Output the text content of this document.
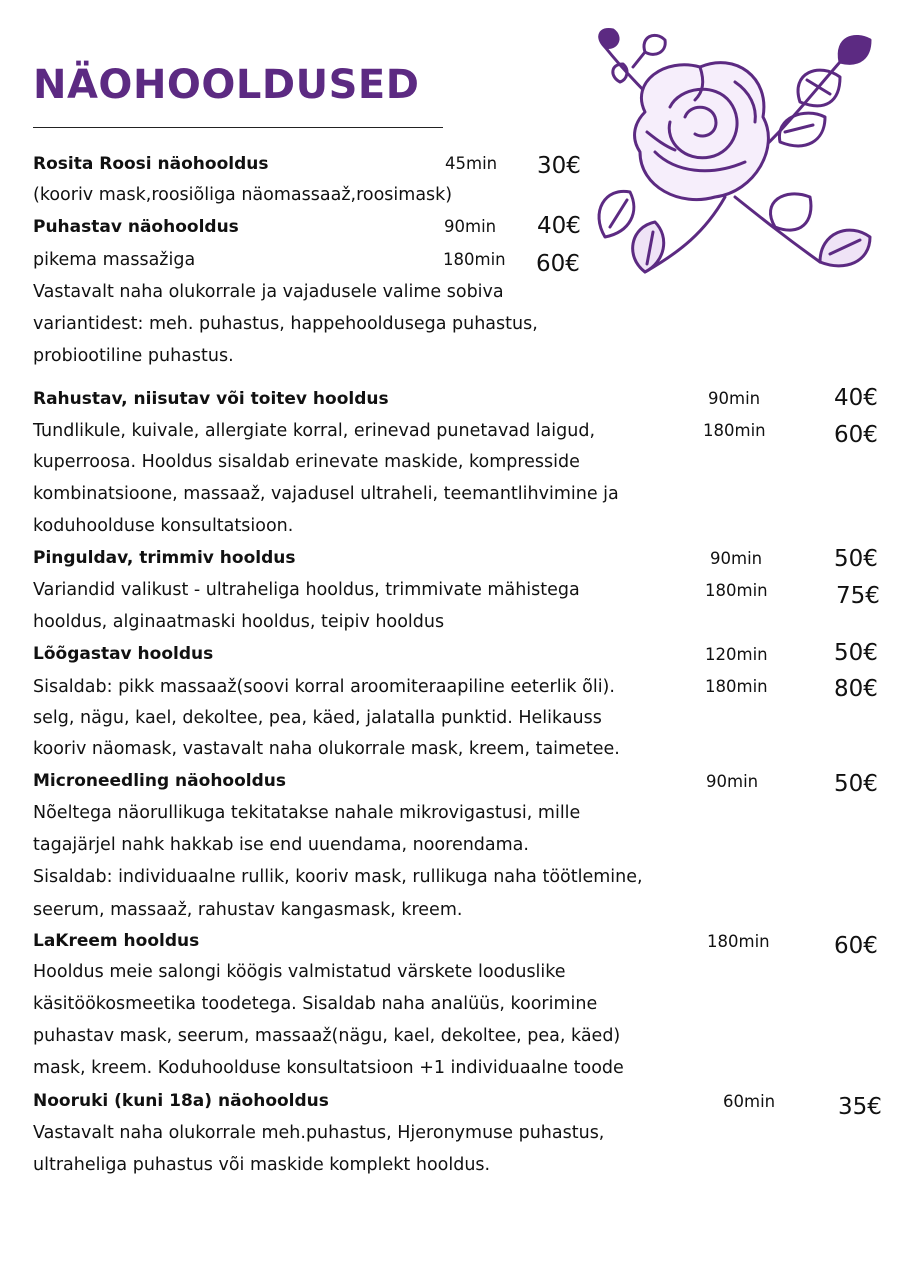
NÄOHOOLDUSED
Rosita Roosi näohooldus	45min 30€
(kooriv mask,roosiõliga näomassaaž,roosimask)
Puhastav näohooldus	90min 40€
pikema massažiga	180min 60€
Vastavalt naha olukorrale ja vajadusele valime sobiva
variantidest: meh. puhastus, happehooldusega puhastus,
probiootiline puhastus.
Rahustav, niisutav või toitev hooldus	90min	40€
Tundlikule, kuivale, allergiate korral, erinevad punetavad laigud,	180min	60€
kuperroosa. Hooldus sisaldab erinevate maskide, kompresside
kombinatsioone, massaaž, vajadusel ultraheli, teemantlihvimine ja
koduhoolduse konsultatsioon.
Pinguldav, trimmiv hooldus	90min	50€
Variandid valikust - ultraheliga hooldus, trimmivate mähistega	180min	75€
hooldus, alginaatmaski hooldus, teipiv hooldus
Lõõgastav hooldus	120min	50€
Sisaldab: pikk massaaž(soovi korral aroomiteraapiline eeterlik õli).	180min	80€
selg, nägu, kael, dekoltee, pea, käed, jalatalla punktid. Helikauss
kooriv näomask, vastavalt naha olukorrale mask, kreem, taimetee.
Microneedling näohooldus	90min	50€
Nõeltega näorullikuga tekitatakse nahale mikrovigastusi, mille
tagajärjel nahk hakkab ise end uuendama, noorendama.
Sisaldab: individuaalne rullik, kooriv mask, rullikuga naha töötlemine,
seerum, massaaž, rahustav kangasmask, kreem.
LaKreem hooldus	180min	60€
Hooldus meie salongi köögis valmistatud värskete looduslike
käsitöökosmeetika toodetega. Sisaldab naha analüüs, koorimine
puhastav mask, seerum, massaaž(nägu, kael, dekoltee, pea, käed)
mask, kreem. Koduhoolduse konsultatsioon +1 individuaalne toode
Nooruki (kuni 18a) näohooldus	60min	35€
Vastavalt naha olukorrale meh.puhastus, Hjeronymuse puhastus,
ultraheliga puhastus või maskide komplekt hooldus.
